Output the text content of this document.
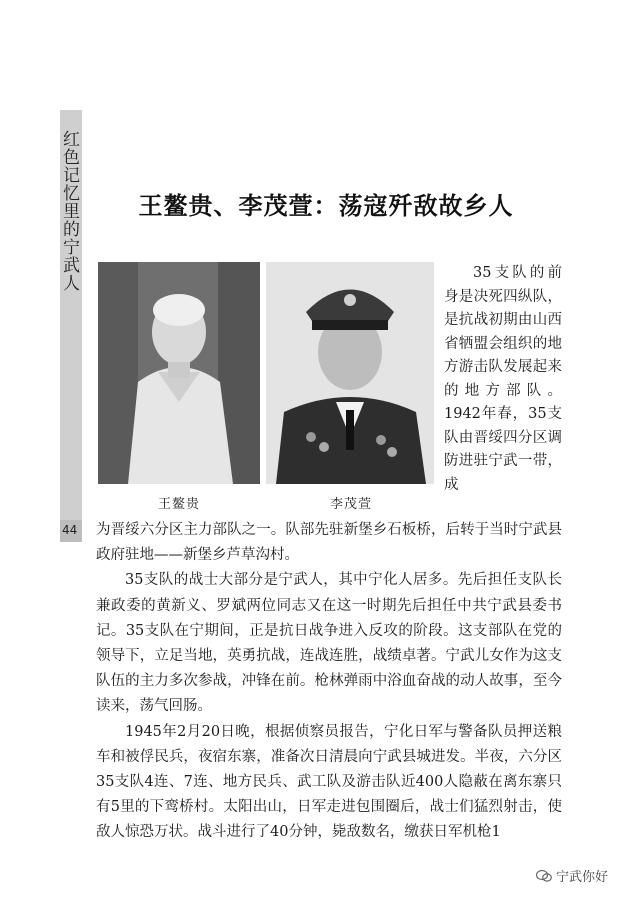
红色记忆里的宁武人
44
王鳌贵、李茂萱：荡寇歼敌故乡人
王鳌贵	李茂萱

35支队的前身是决死四纵队，是抗战初期由山西省牺盟会组织的地方游击队发展起来的地方部队。1942年春，35支队由晋绥四分区调防进驻宁武一带，成

为晋绥六分区主力部队之一。队部先驻新堡乡石板桥，后转于当时宁武县政府驻地——新堡乡芦草沟村。

35支队的战士大部分是宁武人，其中宁化人居多。先后担任支队长兼政委的黄新义、罗斌两位同志又在这一时期先后担任中共宁武县委书记。35支队在宁期间，正是抗日战争进入反攻的阶段。这支部队在党的领导下，立足当地，英勇抗战，连战连胜，战绩卓著。宁武儿女作为这支队伍的主力多次参战，冲锋在前。枪林弹雨中浴血奋战的动人故事，至今读来，荡气回肠。

1945年2月20日晚，根据侦察员报告，宁化日军与警备队员押送粮车和被俘民兵，夜宿东寨，准备次日清晨向宁武县城进发。半夜，六分区35支队4连、7连、地方民兵、武工队及游击队近400人隐蔽在离东寨只有5里的下鸾桥村。太阳出山，日军走进包围圈后，战士们猛烈射击，使敌人惊恐万状。战斗进行了40分钟，毙敌数名，缴获日军机枪1

宁武你好
